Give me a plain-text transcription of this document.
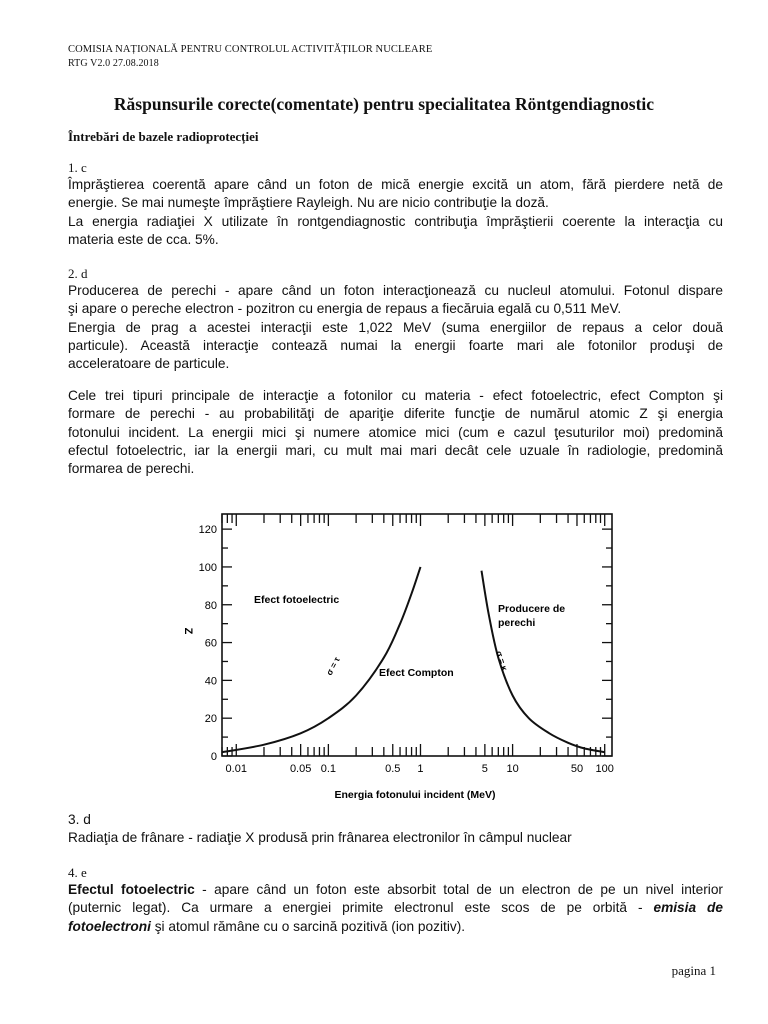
COMISIA NAȚIONALĂ PENTRU CONTROLUL ACTIVITĂȚILOR NUCLEARE
RTG V2.0 27.08.2018
Răspunsurile corecte(comentate) pentru specialitatea Röntgendiagnostic
Întrebări de bazele radioprotecției
1. c
Împrăştierea coerentă apare când un foton de mică energie excită un atom, fără pierdere netă de
energie. Se mai numeşte împrăştiere Rayleigh. Nu are nicio contribuţie la doză.
La energia radiaţiei X utilizate în rontgendiagnostic contribuţia împrăştierii coerente la interacţia cu
materia este de cca. 5%.
2. d
Producerea de perechi - apare când un foton interacţionează cu nucleul atomului. Fotonul dispare
şi apare o pereche electron - pozitron cu energia de repaus a fiecăruia egală cu 0,511 MeV.
Energia de prag a acestei interacţii este 1,022 MeV (suma energiilor de repaus a celor două
particule). Această interacţie contează numai la energii foarte mari ale fotonilor produşi de
acceleratoare de particule.
Cele trei tipuri principale de interacţie a fotonilor cu materia - efect fotoelectric, efect Compton şi
formare de perechi - au probabilităţi de apariţie diferite funcţie de numărul atomic Z şi energia
fotonului incident. La energii mici şi numere atomice mici (cum e cazul ţesuturilor moi) predomină
efectul fotoelectric, iar la energii mari, cu mult mai mari decât cele uzuale în radiologie, predomină
formarea de perechi.
0
20
40
60
80
100
120
0.01	0.05 0.1	0.5 1	5 10	50 100
Efect fotoelectric
Efect Compton
Producere de
perechi
σ = τ	σ = κ
Z
Energia fotonului incident (MeV)
3. d
Radiaţia de frânare - radiaţie X produsă prin frânarea electronilor în câmpul nuclear
4. e
Efectul fotoelectric - apare când un foton este absorbit total de un electron de pe un nivel interior
(puternic legat). Ca urmare a energiei primite electronul este scos de pe orbită - emisia de
fotoelectroni şi atomul rămâne cu o sarcină pozitivă (ion pozitiv).
pagina 1
